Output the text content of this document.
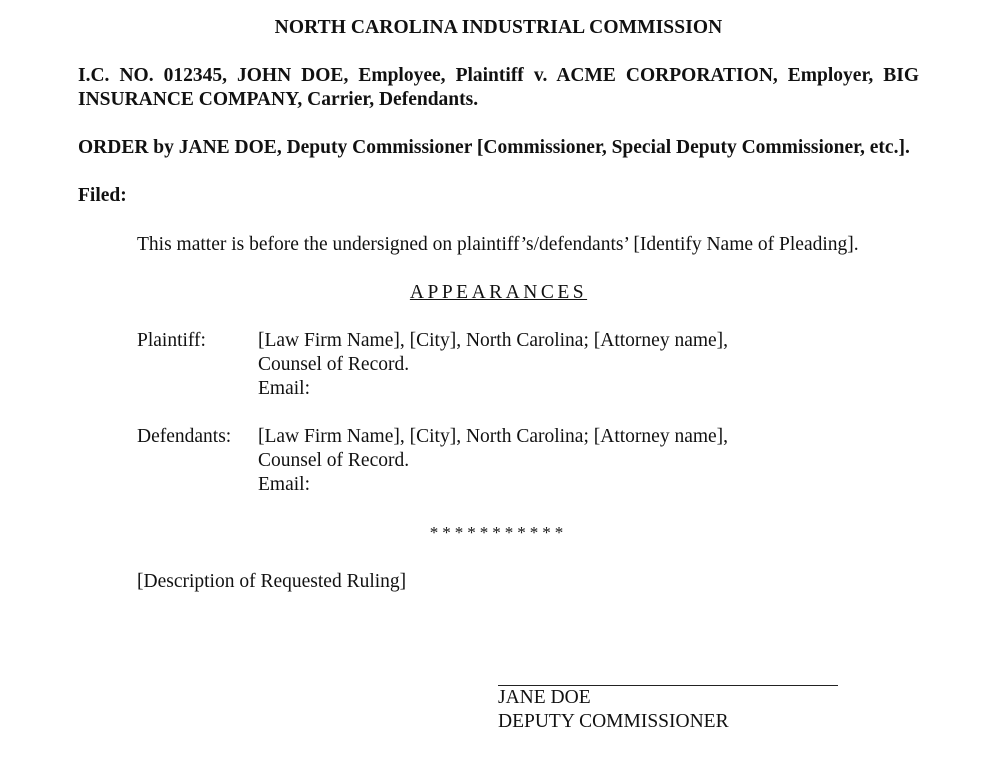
NORTH CAROLINA INDUSTRIAL COMMISSION

I.C. NO. 012345, JOHN DOE, Employee, Plaintiff v. ACME CORPORATION, Employer, BIG INSURANCE COMPANY, Carrier, Defendants.

ORDER by JANE DOE, Deputy Commissioner [Commissioner, Special Deputy Commissioner, etc.].

Filed:

This matter is before the undersigned on plaintiff’s/defendants’ [Identify Name of Pleading].

APPEARANCES

Plaintiff:	[Law Firm Name], [City], North Carolina; [Attorney name],
Counsel of Record.
Email:
Defendants:	[Law Firm Name], [City], North Carolina; [Attorney name],
Counsel of Record.
Email:

***********

[Description of Requested Ruling]

JANE DOE
DEPUTY COMMISSIONER
